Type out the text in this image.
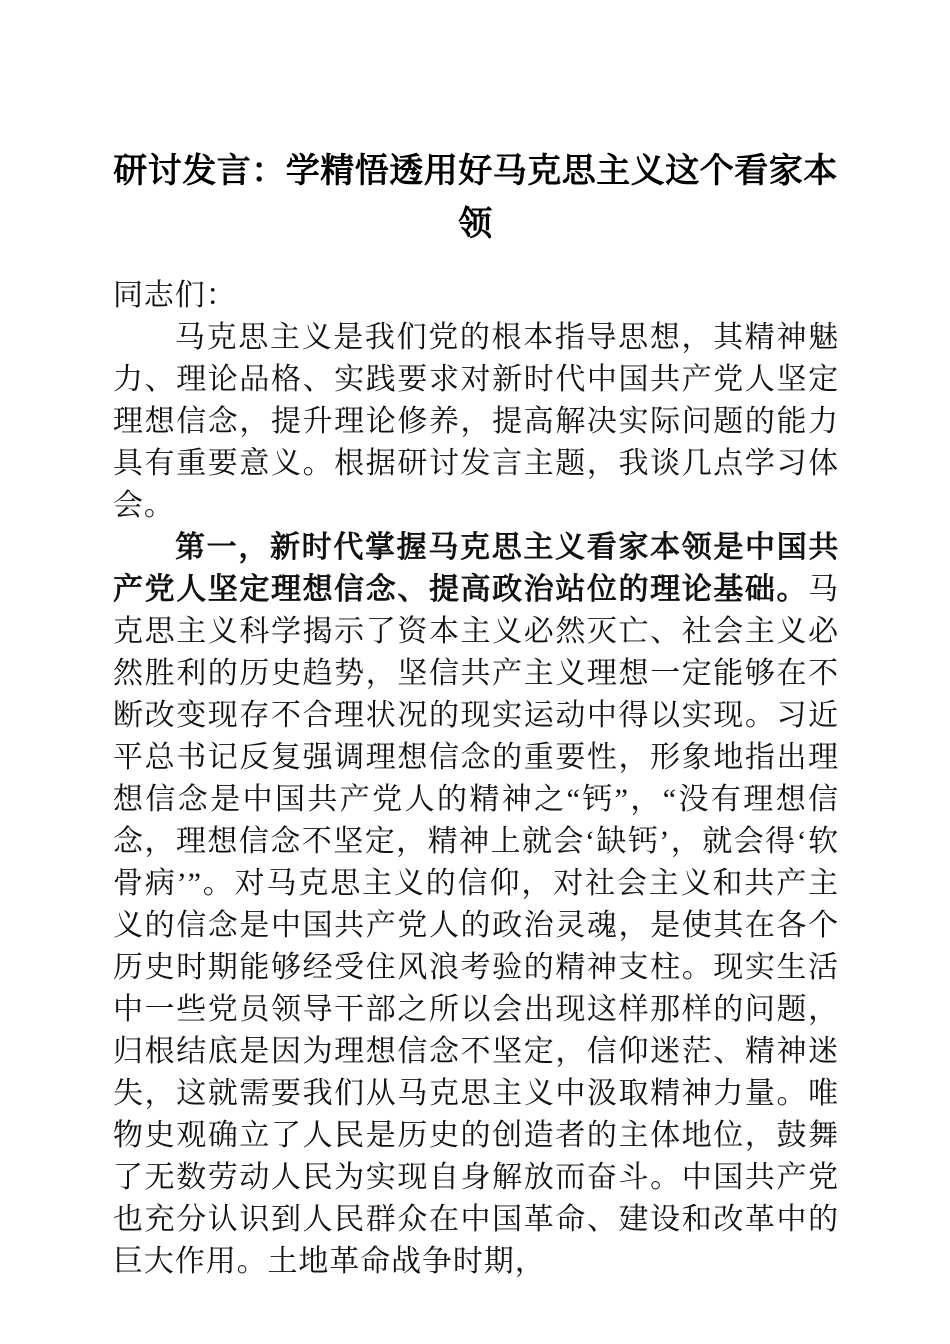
研讨发言：学精悟透用好马克思主义这个看家本领

同志们：

马克思主义是我们党的根本指导思想，其精神魅力、理论品格、实践要求对新时代中国共产党人坚定理想信念，提升理论修养，提高解决实际问题的能力具有重要意义。根据研讨发言主题，我谈几点学习体会。

第一，新时代掌握马克思主义看家本领是中国共产党人坚定理想信念、提高政治站位的理论基础。马克思主义科学揭示了资本主义必然灭亡、社会主义必然胜利的历史趋势，坚信共产主义理想一定能够在不断改变现存不合理状况的现实运动中得以实现。习近平总书记反复强调理想信念的重要性，形象地指出理想信念是中国共产党人的精神之“钙”，“没有理想信念，理想信念不坚定，精神上就会‘缺钙’，就会得‘软骨病’”。对马克思主义的信仰，对社会主义和共产主义的信念是中国共产党人的政治灵魂，是使其在各个历史时期能够经受住风浪考验的精神支柱。现实生活中一些党员领导干部之所以会出现这样那样的问题，归根结底是因为理想信念不坚定，信仰迷茫、精神迷失，这就需要我们从马克思主义中汲取精神力量。唯物史观确立了人民是历史的创造者的主体地位，鼓舞了无数劳动人民为实现自身解放而奋斗。中国共产党也充分认识到人民群众在中国革命、建设和改革中的巨大作用。土地革命战争时期，
